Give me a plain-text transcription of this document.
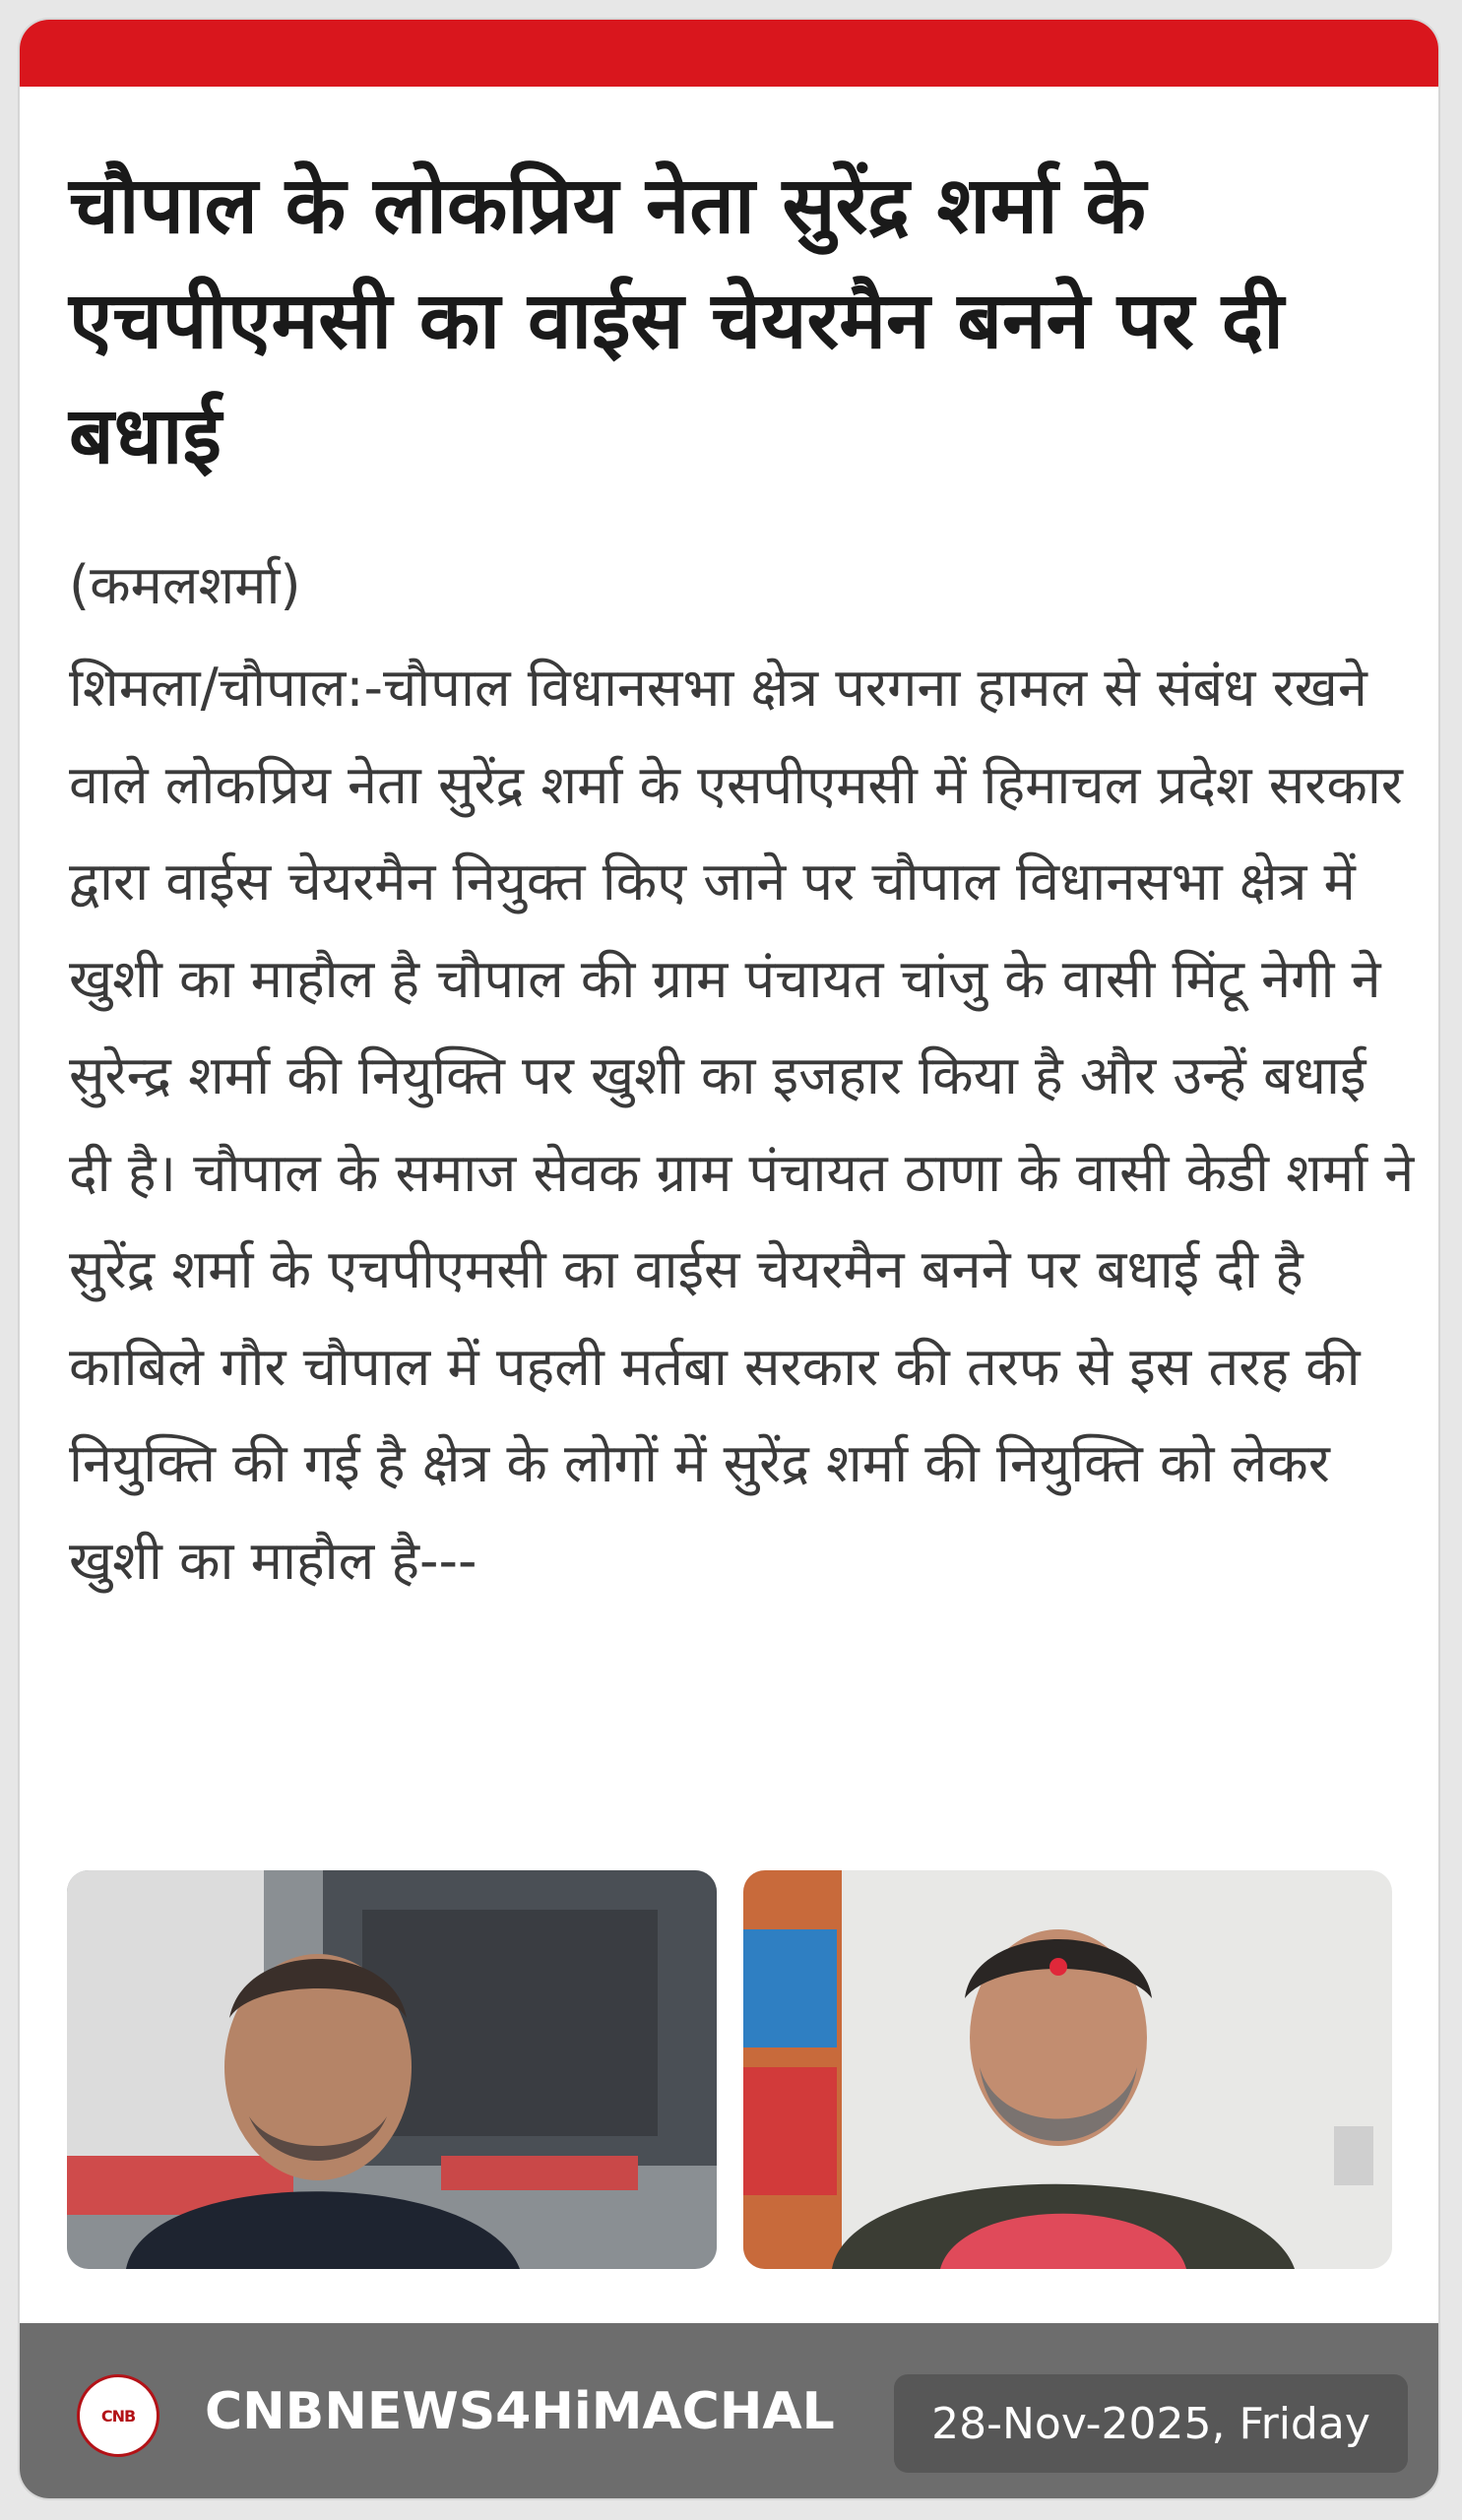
चौपाल के लोकप्रिय नेता सुरेंद्र शर्मा के एचपीएमसी का वाईस चेयरमैन बनने पर दी बधाई
(कमलशर्मा)

शिमला/चौपाल:-चौपाल विधानसभा क्षेत्र परगना हामल से संबंध रखने वाले लोकप्रिय नेता सुरेंद्र शर्मा के एसपीएमसी में हिमाचल प्रदेश सरकार द्वारा वाईस चेयरमैन नियुक्त किए जाने पर चौपाल विधानसभा क्षेत्र में खुशी का माहौल है चौपाल की ग्राम पंचायत चांजु के वासी मिंटू नेगी ने सुरेन्द्र शर्मा की नियुक्ति पर खुशी का इजहार किया है और उन्हें बधाई दी है। चौपाल के समाज सेवक ग्राम पंचायत ठाणा के वासी केडी शर्मा ने सुरेंद्र शर्मा के एचपीएमसी का वाईस चेयरमैन बनने पर बधाई दी है काबिले गौर चौपाल में पहली मर्तबा सरकार की तरफ से इस तरह की नियुक्ति की गई है क्षेत्र के लोगों में सुरेंद्र शर्मा की नियुक्ति को लेकर खुशी का माहौल है---

CNB CNBNEWS4HiMACHAL 28-Nov-2025, Friday
